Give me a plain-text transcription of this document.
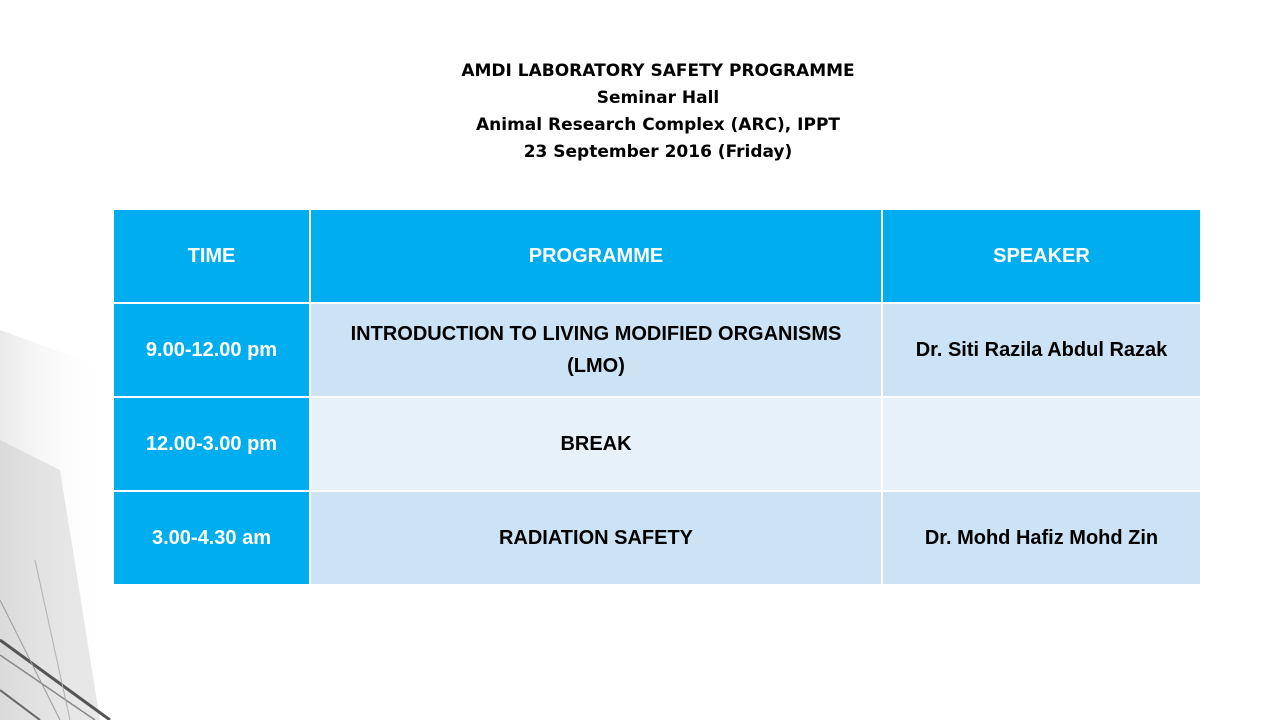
AMDI LABORATORY SAFETY PROGRAMME
Seminar Hall
Animal Research Complex (ARC), IPPT
23 September 2016 (Friday)
TIME	PROGRAMME	SPEAKER
9.00-12.00 pm	INTRODUCTION TO LIVING MODIFIED ORGANISMS (LMO)	Dr. Siti Razila Abdul Razak
12.00-3.00 pm	BREAK	
3.00-4.30 am	RADIATION SAFETY	Dr. Mohd Hafiz Mohd Zin
